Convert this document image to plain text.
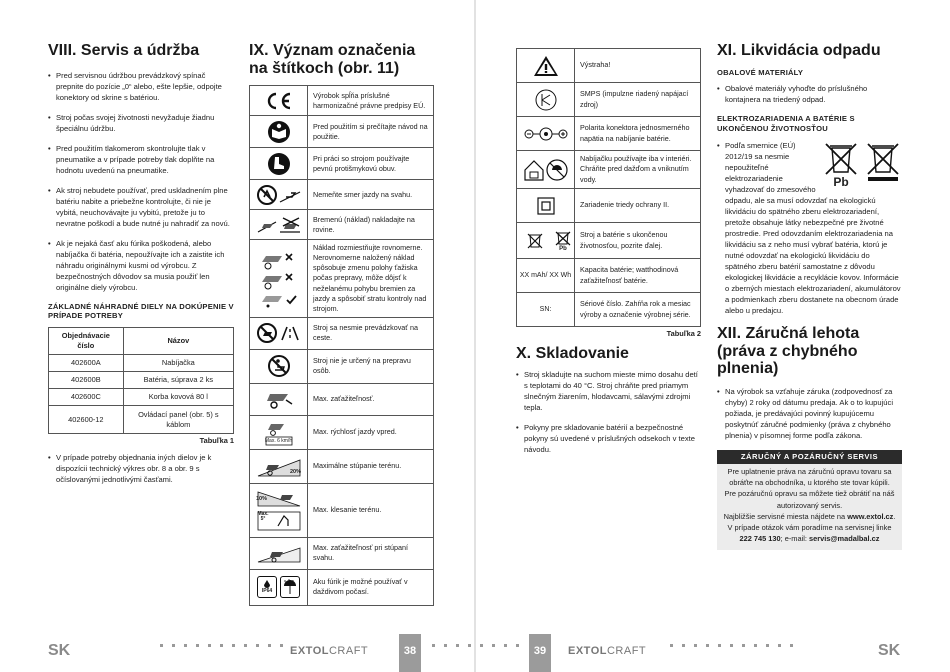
VIII. Servis a údržba
• Pred servisnou údržbou prevádzkový spínač prepnite do pozície „0“ alebo, ešte lepšie, odpojte konektory od skrine s batériou.
• Stroj počas svojej životnosti nevyžaduje žiadnu špeciálnu údržbu.
• Pred použitím tlakomerom skontrolujte tlak v pneumatike a v prípade potreby tlak doplňte na hodnotu uvedenú na pneumatike.
• Ak stroj nebudete používať, pred uskladnením plne batériu nabite a priebežne kontrolujte, či nie je vybitá, neuchovávajte ju vybitú, pretože ju to nevratne poškodí a bude nutné ju nahradiť za novú.
• Ak je nejaká časť aku fúrika poškodená, alebo nabíjačka či batéria, nepoužívajte ich a zaistite ich náhradu originálnymi kusmi od výrobcu. Z bezpečnostných dôvodov sa musia použiť len originálne diely výrobcu.
ZÁKLADNÉ NÁHRADNÉ DIELY NA DOKÚPENIE V PRÍPADE POTREBY
Objednávacie číslo	Názov
402600A	Nabíjačka
402600B	Batéria, súprava 2 ks
402600C	Korba kovová 80 l
402600-12	Ovládací panel (obr. 5) s káblom
Tabuľka 1
• V prípade potreby objednania iných dielov je k dispozícii technický výkres obr. 8 a obr. 9 s očíslovanými jednotlivými časťami.
IX. Význam označenia na štítkoch (obr. 11)
	Výrobok spĺňa príslušné harmonizačné právne predpisy EÚ.

	Pred použitím si prečítajte návod na použitie.

	Pri práci so strojom používajte pevnú protišmykovú obuv.

	Nemeňte smer jazdy na svahu.

	Bremenú (náklad) nakladajte na rovine.

	Náklad rozmiestňujte rovnomerne. Nerovnomerne naložený náklad spôsobuje zmenu polohy ťažiska počas prepravy, môže dôjsť k neželanému pohybu bremien za jazdy a spôsobiť stratu kontroly nad strojom.

	Stroj sa nesmie prevádzkovať na ceste.

	Stroj nie je určený na prepravu osôb.

	Max. zaťažiteľnosť.

Max. 6 km/h	Max. rýchlosť jazdy vpred.

20%	Maximálne stúpanie terénu.

10%
Max. 5°	Max. klesanie terénu.

	Max. zaťažiteľnosť pri stúpaní svahu.

IP64	Aku fúrik je možné používať v daždivom počasí.
	Výstraha!

	SMPS (impulzne riadený napájací zdroj)

	Polarita konektora jednosmerného napätia na nabíjanie batérie.

	Nabíjačku používajte iba v interiéri. Chráňte pred dažďom a vniknutím vody.

	Zariadenie triedy ochrany II.

Pb	Stroj a batérie s ukončenou životnosťou, pozrite ďalej.
XX mAh/ XX Wh	Kapacita batérie; watthodinová zaťažiteľnosť batérie.
SN:	Sériové číslo. Zahŕňa rok a mesiac výroby a označenie výrobnej série.
Tabuľka 2
X. Skladovanie
• Stroj skladujte na suchom mieste mimo dosahu detí s teplotami do 40 °C. Stroj chráňte pred priamym slnečným žiarením, hlodavcami, sálavými zdrojmi tepla.
• Pokyny pre skladovanie batérií a bezpečnostné pokyny sú uvedené v príslušných odsekoch v texte návodu.
XI. Likvidácia odpadu
OBALOVÉ MATERIÁLY
• Obalové materiály vyhoďte do príslušného kontajnera na triedený odpad.
ELEKTROZARIADENIA A BATÉRIE S UKONČENOU ŽIVOTNOSŤOU
Pb
• Podľa smernice (EÚ) 2012/19 sa nesmie nepoužiteľné elektrozariadenie vyhadzovať do zmesového odpadu, ale sa musí odovzdať na ekologickú likvidáciu do spätného zberu elektrozariadení, pretože obsahuje látky nebezpečné pre životné prostredie. Pred odovzdaním elektrozariadenia na likvidáciu sa z neho musí vybrať batéria, ktorú je nutné odovzdať na ekologickú likvidáciu do spätného zberu batérií samostatne z dôvodu ekologickej likvidácie a recyklácie kovov. Informácie o zberných miestach elektrozariadení, akumulátorov a podmienkach zberu dostanete na obecnom úrade alebo u predajcu.
XII. Záručná lehota (práva z chybného plnenia)
• Na výrobok sa vzťahuje záruka (zodpovednosť za chyby) 2 roky od dátumu predaja. Ak o to kupujúci požiada, je predávajúci povinný kupujúcemu poskytnúť záručné podmienky (práva z chybného plnenia) v písomnej forme podľa zákona.
ZÁRUČNÝ A POZÁRUČNÝ SERVIS

Pre uplatnenie práva na záručnú opravu tovaru sa obráťte na obchodníka, u ktorého ste tovar kúpili.

Pre pozáručnú opravu sa môžete tiež obrátiť na náš autorizovaný servis.

Najbližšie servisné miesta nájdete na www.extol.cz.

V prípade otázok vám poradíme na servisnej linke
222 745 130; e-mail: servis@madalbal.cz

SK	EXTOLCRAFT	38	39	EXTOLCRAFT	SK
